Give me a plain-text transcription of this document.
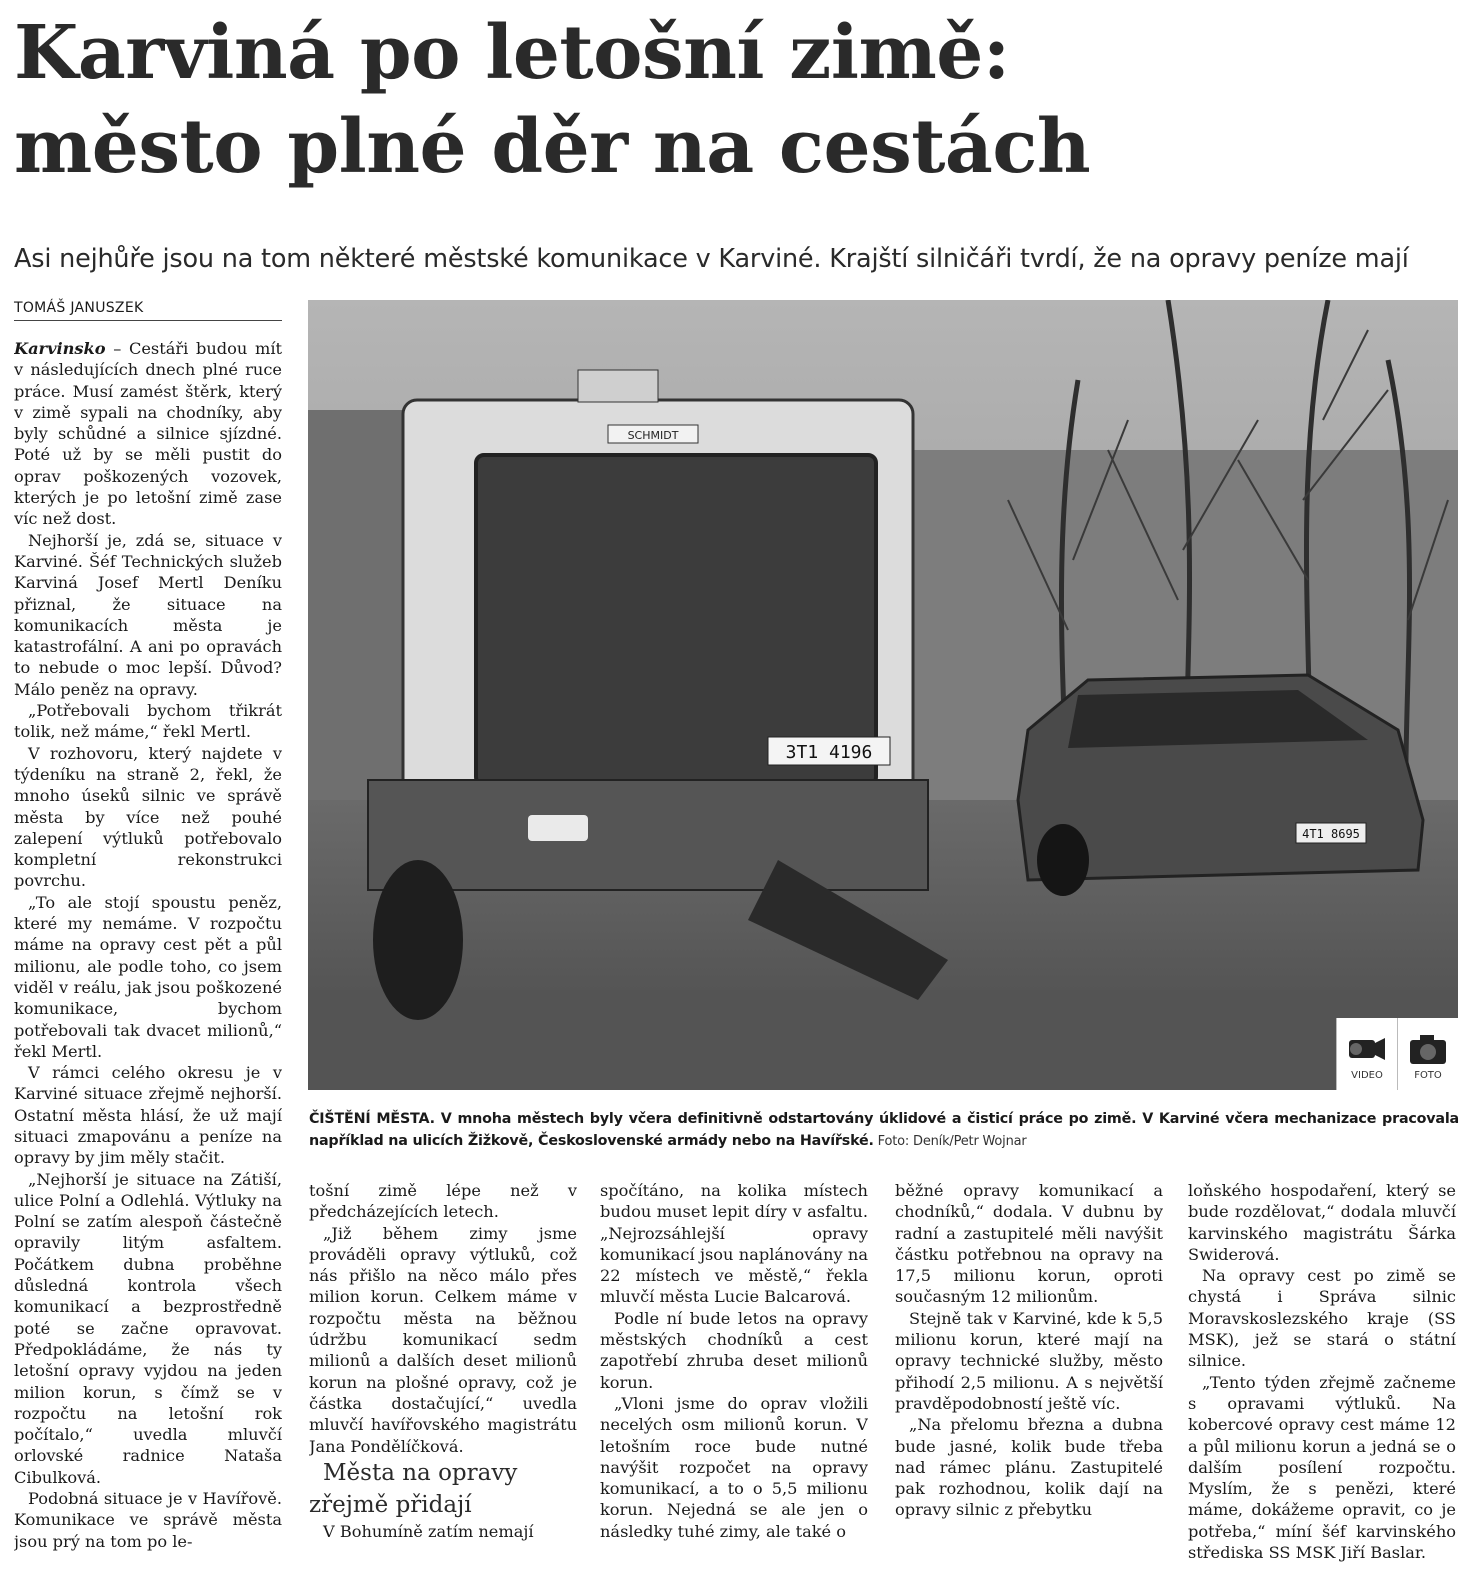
Karviná po letošní zimě:
město plné děr na cestách
Asi nejhůře jsou na tom některé městské komunikace v Karviné. Krajští silničáři tvrdí, že na opravy peníze mají
TOMÁŠ JANUSZEK

Karvinsko – Cestáři budou mít v následujících dnech plné ruce práce. Musí zamést štěrk, který v zimě sypali na chodníky, aby byly schůdné a silnice sjízdné. Poté už by se měli pustit do oprav poškozených vozovek, kterých je po letošní zimě zase víc než dost.

Nejhorší je, zdá se, situace v Karviné. Šéf Technických služeb Karviná Josef Mertl Deníku přiznal, že situace na komunikacích města je katastrofální. A ani po opravách to nebude o moc lepší. Důvod? Málo peněz na opravy.

„Potřebovali bychom třikrát tolik, než máme,“ řekl Mertl.

V rozhovoru, který najdete v týdeníku na straně 2, řekl, že mnoho úseků silnic ve správě města by více než pouhé zalepení výtluků potřebovalo kompletní rekonstrukci povrchu.

„To ale stojí spoustu peněz, které my nemáme. V rozpočtu máme na opravy cest pět a půl milionu, ale podle toho, co jsem viděl v reálu, jak jsou poškozené komunikace, bychom potřebovali tak dvacet milionů,“ řekl Mertl.

V rámci celého okresu je v Karviné situace zřejmě nejhorší. Ostatní města hlásí, že už mají situaci zmapovánu a peníze na opravy by jim měly stačit.

„Nejhorší je situace na Zátiší, ulice Polní a Odlehlá. Výtluky na Polní se zatím alespoň částečně opravily litým asfaltem. Počátkem dubna proběhne důsledná kontrola všech komunikací a bezprostředně poté se začne opravovat. Předpokládáme, že nás ty letošní opravy vyjdou na jeden milion korun, s čímž se v rozpočtu na letošní rok počítalo,“ uvedla mluvčí orlovské radnice Nataša Cibulková.

Podobná situace je v Havířově. Komunikace ve správě města jsou prý na tom po le-

SCHMIDT
3T1 4196
4T1 8695
VIDEO	FOTO
ČIŠTĚNÍ MĚSTA. V mnoha městech byly včera definitivně odstartovány úklidové a čisticí práce po zimě. V Karviné včera mechanizace pracovala například na ulicích Žižkově, Československé armády nebo na Havířské. Foto: Deník/Petr Wojnar

tošní zimě lépe než v předcházejících letech.

„Již během zimy jsme prováděli opravy výtluků, což nás přišlo na něco málo přes milion korun. Celkem máme v rozpočtu města na běžnou údržbu komunikací sedm milionů a dalších deset milionů korun na plošné opravy, což je částka dostačující,“ uvedla mluvčí havířovského magistrátu Jana Pondělíčková.

Města na opravy zřejmě přidají

V Bohumíně zatím nemají

spočítáno, na kolika místech budou muset lepit díry v asfaltu. „Nejrozsáhlejší opravy komunikací jsou naplánovány na 22 místech ve městě,“ řekla mluvčí města Lucie Balcarová.

Podle ní bude letos na opravy městských chodníků a cest zapotřebí zhruba deset milionů korun.

„Vloni jsme do oprav vložili necelých osm milionů korun. V letošním roce bude nutné navýšit rozpočet na opravy komunikací, a to o 5,5 milionu korun. Nejedná se ale jen o následky tuhé zimy, ale také o

běžné opravy komunikací a chodníků,“ dodala. V dubnu by radní a zastupitelé měli navýšit částku potřebnou na opravy na 17,5 milionu korun, oproti současným 12 milionům.

Stejně tak v Karviné, kde k 5,5 milionu korun, které mají na opravy technické služby, město přihodí 2,5 milionu. A s největší pravděpodobností ještě víc.

„Na přelomu března a dubna bude jasné, kolik bude třeba nad rámec plánu. Zastupitelé pak rozhodnou, kolik dají na opravy silnic z přebytku

loňského hospodaření, který se bude rozdělovat,“ dodala mluvčí karvinského magistrátu Šárka Swiderová.

Na opravy cest po zimě se chystá i Správa silnic Moravskoslezského kraje (SS MSK), jež se stará o státní silnice.

„Tento týden zřejmě začneme s opravami výtluků. Na kobercové opravy cest máme 12 a půl milionu korun a jedná se o dalším posílení rozpočtu. Myslím, že s penězi, které máme, dokážeme opravit, co je potřeba,“ míní šéf karvinského střediska SS MSK Jiří Baslar.
